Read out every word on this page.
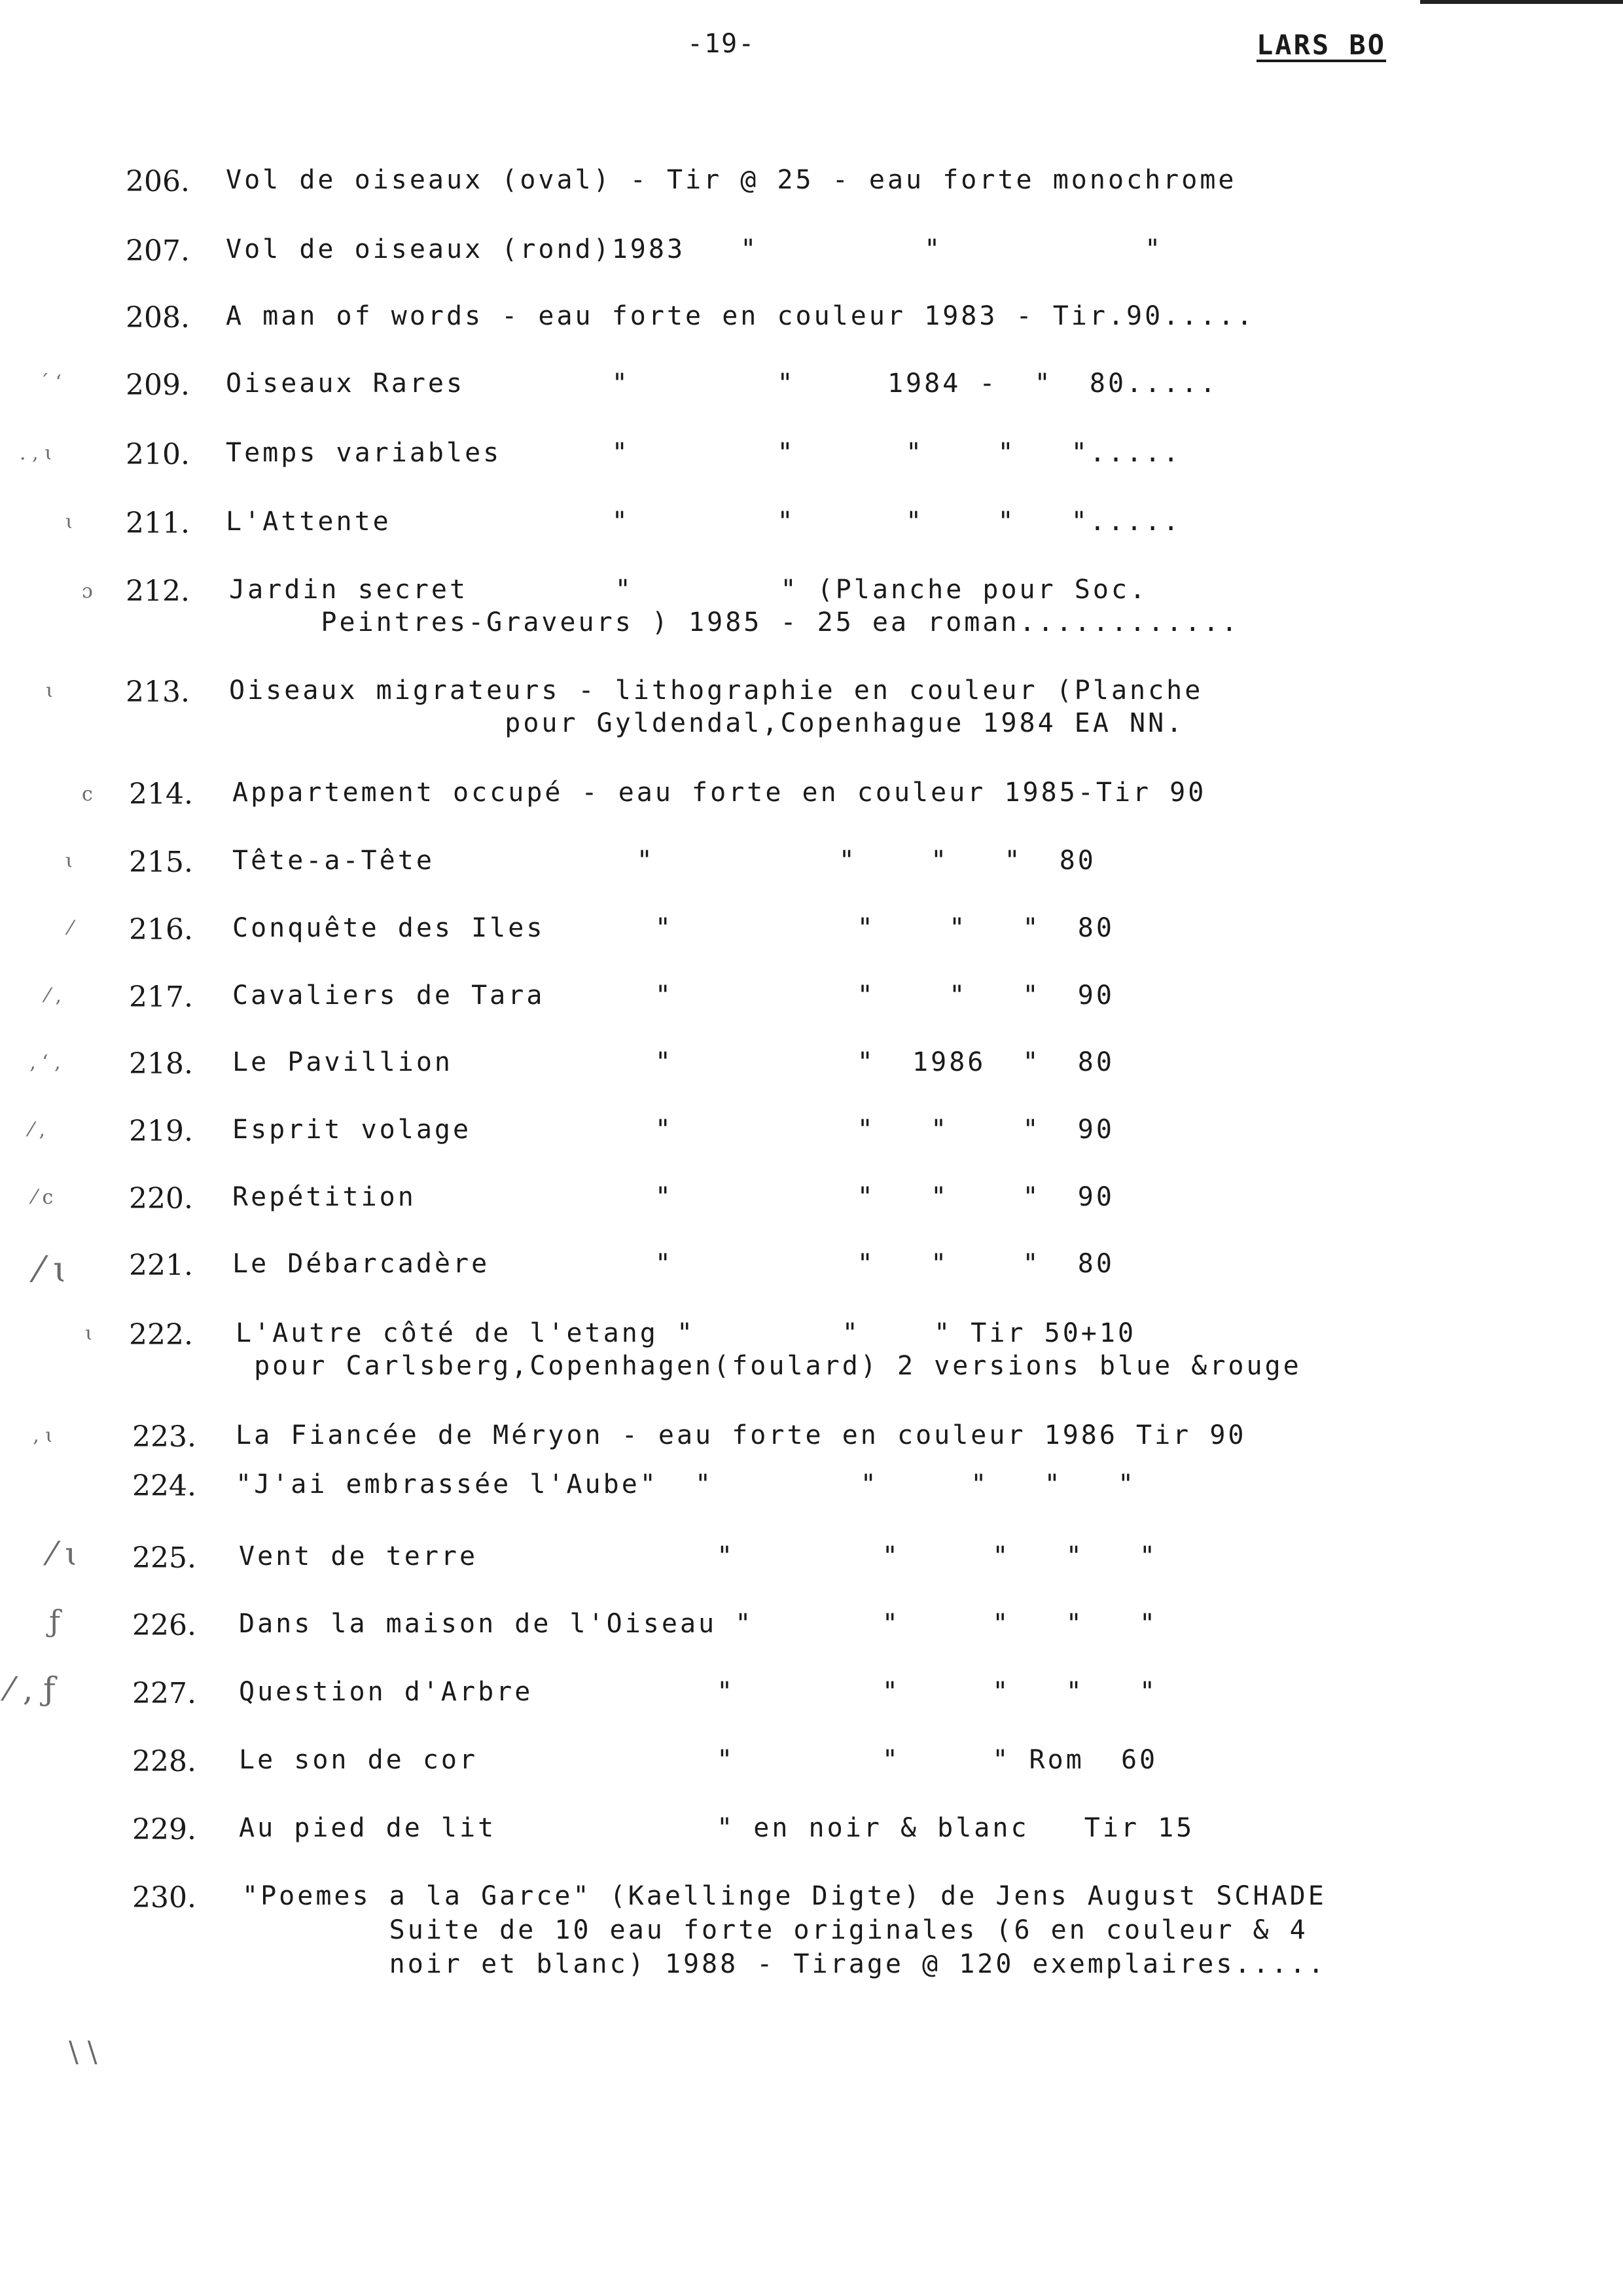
-19-	LARS BO
206. Vol de oiseaux (oval) - Tir @ 25 - eau forte monochrome
207. Vol de oiseaux (rond)1983   "         "           "
208. A man of words - eau forte en couleur 1983 - Tir.90.....
´ ‘	209. Oiseaux Rares        "        "     1984 -  "  80.....
. , ɩ	210. Temps variables      "        "      "    "   ".....
ɩ	211. L'Attente            "        "      "    "   ".....
ɔ	212. Jardin secret        "        " (Planche pour Soc.
Peintres-Graveurs ) 1985 - 25 ea roman............
ɩ	213. Oiseaux migrateurs - lithographie en couleur (Planche
pour Gyldendal,Copenhague 1984 EA NN.
c	214. Appartement occupé - eau forte en couleur 1985-Tir 90
ɩ	215. Tête-a-Tête           "          "    "   "  80
⁄	216. Conquête des Iles      "          "    "   "  80
⁄ ,	217. Cavaliers de Tara      "          "    "   "  90
‚ ‘ ,	218. Le Pavillion           "          "  1986  "  80
⁄ ,	219. Esprit volage          "          "   "    "  90
⁄ c	220. Repétition             "          "   "    "  90
⁄ ɩ	221. Le Débarcadère         "          "   "    "  80
ɩ	222. L'Autre côté de l'etang "        "    " Tir 50+10
pour Carlsberg,Copenhagen(foulard) 2 versions blue &rouge
‚ ɩ	223. La Fiancée de Méryon - eau forte en couleur 1986 Tir 90
224. "J'ai embrassée l'Aube"  "        "     "   "   "
⁄ ɩ	225. Vent de terre             "        "     "   "   "
ƒ	226. Dans la maison de l'Oiseau "       "     "   "   "
⁄ ‚ ƒ	227. Question d'Arbre          "        "     "   "   "
228. Le son de cor             "        "     " Rom  60
229. Au pied de lit            " en noir & blanc   Tir 15
230. "Poemes a la Garce" (Kaellinge Digte) de Jens August SCHADE
Suite de 10 eau forte originales (6 en couleur & 4
noir et blanc) 1988 - Tirage @ 120 exemplaires.....
\ \
